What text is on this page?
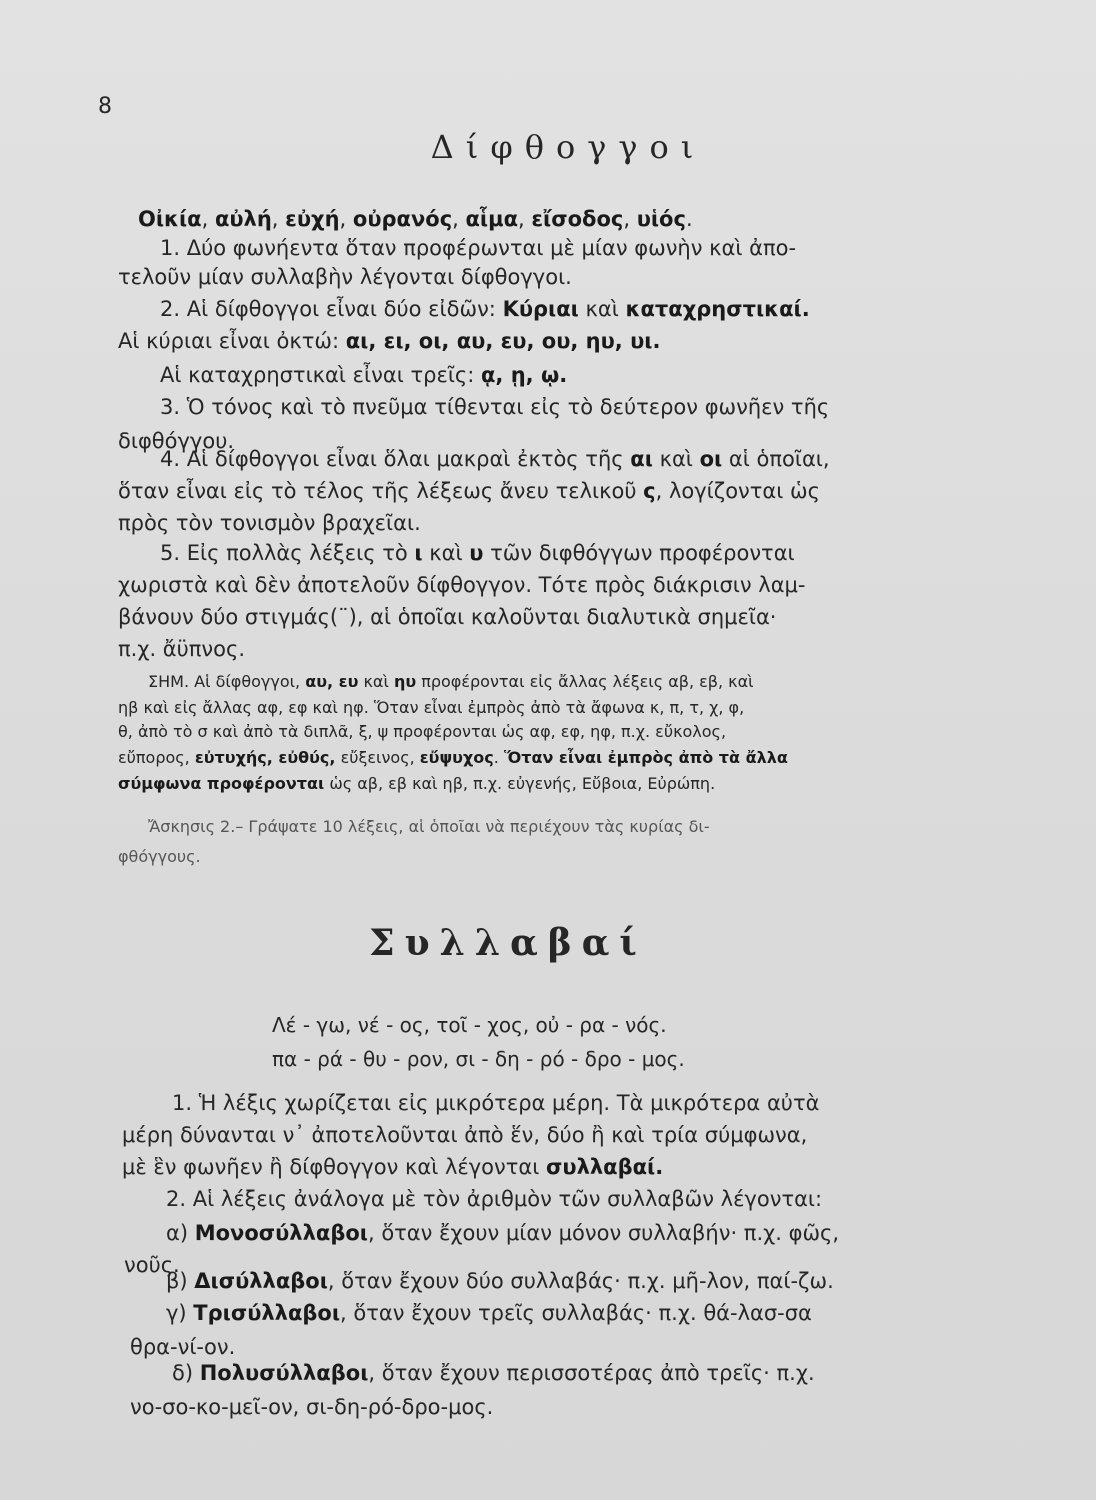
8
Δίφθογγοι
Οἰκία, αὐλή, εὐχή, οὐρανός, αἷμα, εἴσοδος, υἱός.
1. Δύο φωνήεντα ὅταν προφέρωνται μὲ μίαν φωνὴν καὶ ἀπο-
τελοῦν μίαν συλλαβὴν λέγονται δίφθογγοι.
2. Αἱ δίφθογγοι εἶναι δύο εἰδῶν: Κύριαι καὶ καταχρηστικαί.
Αἱ κύριαι εἶναι ὀκτώ: αι, ει, οι, αυ, ευ, ου, ηυ, υι.
Αἱ καταχρηστικαὶ εἶναι τρεῖς: ᾳ, ῃ, ῳ.
3. Ὁ τόνος καὶ τὸ πνεῦμα τίθενται εἰς τὸ δεύτερον φωνῆεν τῆς
διφθόγγου.
4. Αἱ δίφθογγοι εἶναι ὅλαι μακραὶ ἐκτὸς τῆς αι καὶ οι αἱ ὁποῖαι,
ὅταν εἶναι εἰς τὸ τέλος τῆς λέξεως ἄνευ τελικοῦ ς, λογίζονται ὡς
πρὸς τὸν τονισμὸν βραχεῖαι.
5. Εἰς πολλὰς λέξεις τὸ ι καὶ υ τῶν διφθόγγων προφέρονται
χωριστὰ καὶ δὲν ἀποτελοῦν δίφθογγον. Τότε πρὸς διάκρισιν λαμ-
βάνουν δύο στιγμάς(¨), αἱ ὁποῖαι καλοῦνται διαλυτικὰ σημεῖα·
π.χ. ἄϋπνος.
ΣΗΜ. Αἱ δίφθογγοι, αυ, ευ καὶ ηυ προφέρονται εἰς ἄλλας λέξεις αβ, εβ, καὶ
ηβ καὶ εἰς ἄλλας αφ, εφ καὶ ηφ. Ὅταν εἶναι ἐμπρὸς ἀπὸ τὰ ἄφωνα κ, π, τ, χ, φ,
θ, ἀπὸ τὸ σ καὶ ἀπὸ τὰ διπλᾶ, ξ, ψ προφέρονται ὡς αφ, εφ, ηφ, π.χ. εὔκολος,
εὔπορος, εὐτυχής, εὐθύς, εὔξεινος, εὔψυχος. Ὅταν εἶναι ἐμπρὸς ἀπὸ τὰ ἄλλα
σύμφωνα προφέρονται ὡς αβ, εβ καὶ ηβ, π.χ. εὐγενής, Εὔβοια, Εὐρώπη.
Ἄσκησις 2.– Γράψατε 10 λέξεις, αἱ ὁποῖαι νὰ περιέχουν τὰς κυρίας δι-
φθόγγους.
Συλλαβαί
Λέ - γω, νέ - ος, τοῖ - χος, οὐ - ρα - νός.
πα - ρά - θυ - ρον, σι - δη - ρό - δρο - μος.
1. Ἡ λέξις χωρίζεται εἰς μικρότερα μέρη. Τὰ μικρότερα αὐτὰ
μέρη δύνανται ν᾿ ἀποτελοῦνται ἀπὸ ἕν, δύο ἢ καὶ τρία σύμφωνα,
μὲ ἓν φωνῆεν ἢ δίφθογγον καὶ λέγονται συλλαβαί.
2. Αἱ λέξεις ἀνάλογα μὲ τὸν ἀριθμὸν τῶν συλλαβῶν λέγονται:
α) Μονοσύλλαβοι, ὅταν ἔχουν μίαν μόνον συλλαβήν· π.χ. φῶς,
νοῦς.
β) Δισύλλαβοι, ὅταν ἔχουν δύο συλλαβάς· π.χ. μῆ-λον, παί-ζω.
γ) Τρισύλλαβοι, ὅταν ἔχουν τρεῖς συλλαβάς· π.χ. θά-λασ-σα
θρα-νί-ον.
δ) Πολυσύλλαβοι, ὅταν ἔχουν περισσοτέρας ἀπὸ τρεῖς· π.χ.
νο-σο-κο-μεῖ-ον, σι-δη-ρό-δρο-μος.
